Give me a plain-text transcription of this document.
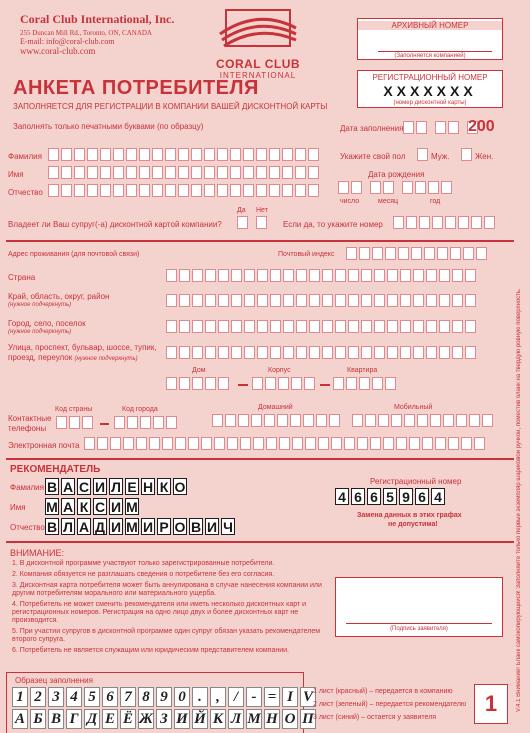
Coral Club International, Inc.
255 Duncan Mill Rd., Toronto, ON, CANADA
E-mail: info@coral-club.com
www.coral-club.com
CORAL CLUB
INTERNATIONAL
АРХИВНЫЙ НОМЕР
(Заполняется компанией)
АНКЕТА ПОТРЕБИТЕЛЯ
ЗАПОЛНЯЕТСЯ ДЛЯ РЕГИСТРАЦИИ В КОМПАНИИ ВАШЕЙ ДИСКОНТНОЙ КАРТЫ
РЕГИСТРАЦИОННЫЙ НОМЕР
XXXXXXX
(номер дисконтной карты)
Заполнять только печатными буквами (по образцу)	Дата заполнения	200
Фамилия
Имя
Отчество
Укажите свой пол	Муж.	Жен.
Дата рождения
число	месяц	год
Да Нет
Владеет ли Ваш супруг(-а) дисконтной картой компании?	Если да, то укажите номер
Адрес проживания (для почтовой связи)	Почтовый индекс
Страна
Край, область, округ, район
(нужное подчеркнуть)
Город, село, поселок
(нужное подчеркнуть)
Улица, проспект, бульвар, шоссе, тупик,
проезд, переулок (нужное подчеркнуть)
Дом	Корпус	Квартира
Код страны	Код города	Домашний	Мобильный
Контактные
телефоны
Электронная почта
РЕКОМЕНДАТЕЛЬ
Фамилия В А С И Л Е Н К О
Имя М А К С И М
Отчество В Л А Д И М И Р О В И Ч
Регистрационный номер
4 6 6 5 9 6 4
Замена данных в этих графах
не допустима!
ВНИМАНИЕ:
1. В дисконтной программе участвуют только зарегистрированные потребители.
2. Компания обязуется не разглашать сведения о потребителе без его согласия.
3. Дисконтная карта потребителя может быть аннулирована в случае нанесения компании или другим потребителям морального или материального ущерба.
4. Потребитель не может сменить рекомендателя или иметь несколько дисконтных карт и регистрационных номеров. Регистрация на одно лицо двух и более дисконтных карт не производится.
5. При участии супругов в дисконтной программе один супруг обязан указать рекомендателем второго супруга.
6. Потребитель не является служащим или юридическим представителем компании.
(Подпись заявителя)
Образец заполнения
1 2 3 4 5 6 7 8 9 0 . , / - = I V
А Б В Г Д Е Ё Ж З И Й К Л М Н О П
1 лист (красный) – передается в компанию
2 лист (зеленый) – передается рекомендателю
3 лист (синий) – остается у заявителя
1	V.4.1 Внимание! Бланк самокопирующийся! Заполняйте только первый экземпляр шариковой ручкой, поместив бланк на твердую ровную поверхность.
